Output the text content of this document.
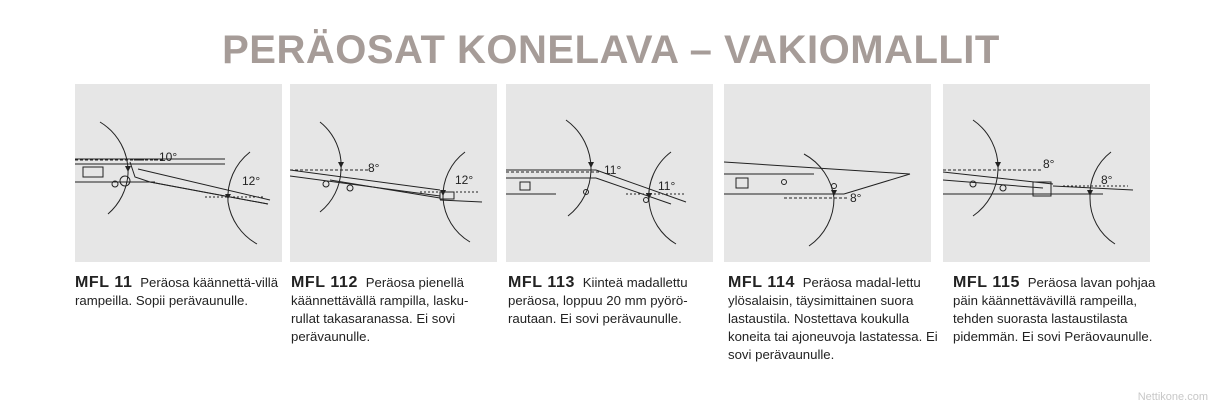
PERÄOSAT KONELAVA – VAKIOMALLIT
10°
12°
8°
12°
11°
11°
8°
8°
8°
MFL 11 Peräosa käännettä-villä rampeilla. Sopii perävaunulle.
MFL 112 Peräosa pienellä käännettävällä rampilla, lasku-rullat takasaranassa. Ei sovi perävaunulle.
MFL 113 Kiinteä madallettu peräosa, loppuu 20 mm pyörö-rautaan. Ei sovi perävaunulle.
MFL 114 Peräosa madal-lettu ylösalaisin, täysimittainen suora lastaustila. Nostettava koukulla koneita tai ajoneuvoja lastatessa. Ei sovi perävaunulle.
MFL 115 Peräosa lavan pohjaa päin käännettävävillä rampeilla, tehden suorasta lastaustilasta pidemmän. Ei sovi Peräovaunulle.
Nettikone.com
